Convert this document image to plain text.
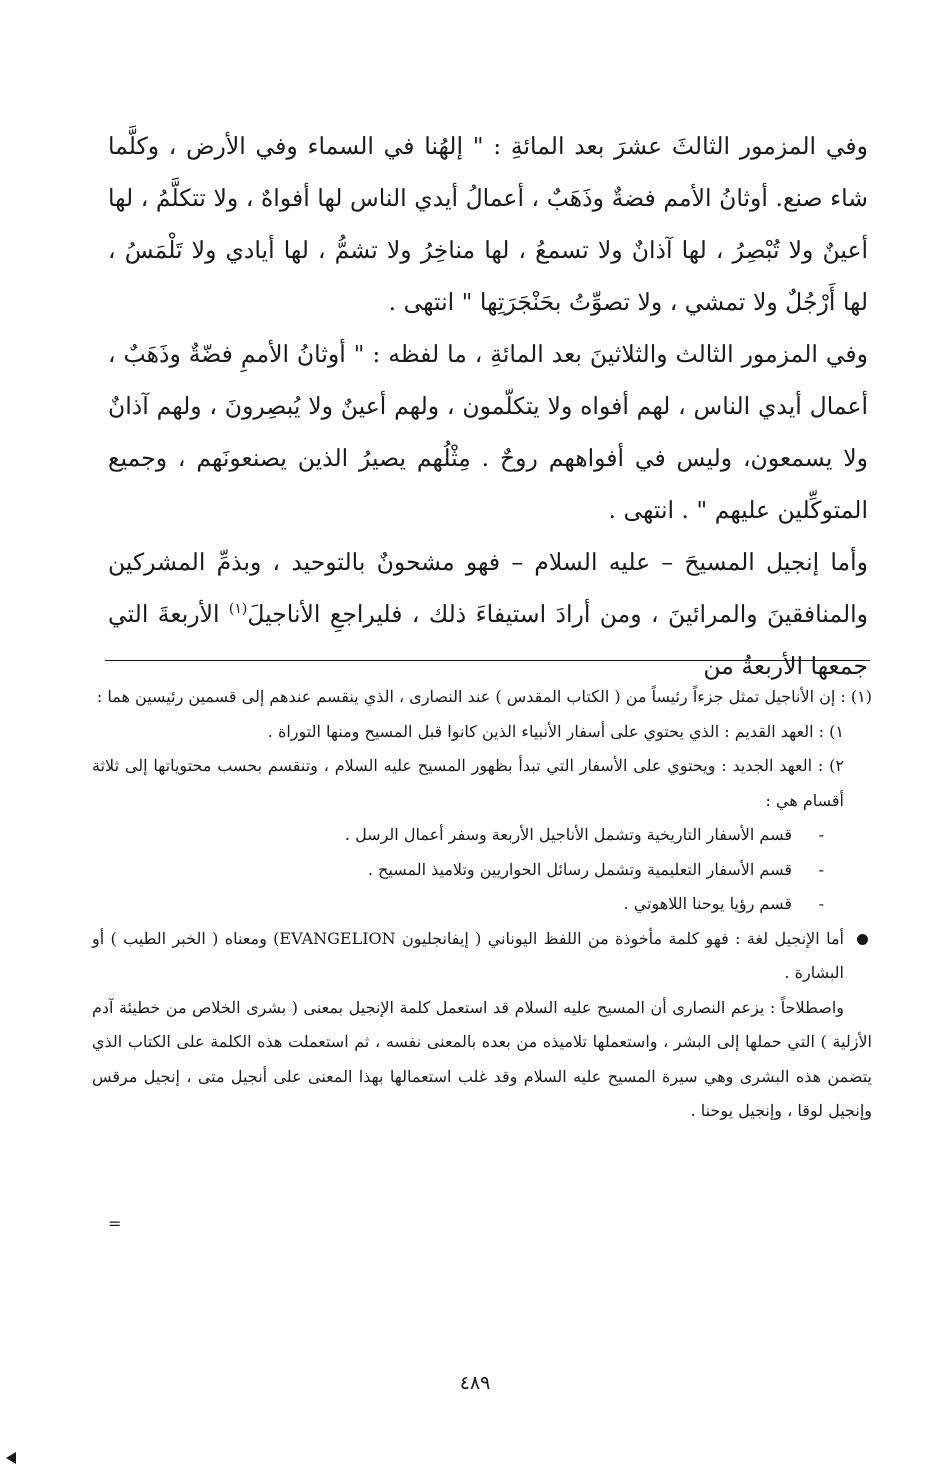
وفي المزمور الثالثَ عشرَ بعد المائةِ : " إلهُنا في السماء وفي الأرض ، وكلَّما شاء صنع. أوثانُ الأمم فضةٌ وذَهَبٌ ، أعمالُ أيدي الناس لها أفواهٌ ، ولا تتكلَّمُ ، لها أعينٌ ولا تُبْصِرُ ، لها آذانٌ ولا تسمعُ ، لها مناخِرُ ولا تشمُّ ، لها أيادي ولا تَلْمَسُ ، لها أَرْجُلٌ ولا تمشي ، ولا تصوِّتُ بحَنْجَرَتِها " انتهى .

وفي المزمور الثالث والثلاثينَ بعد المائةِ ، ما لفظه : " أوثانُ الأممِ فضّةٌ وذَهَبٌ ، أعمال أيدي الناس ، لهم أفواه ولا يتكلّمون ، ولهم أعينٌ ولا يُبصِرونَ ، ولهم آذانٌ ولا يسمعون، وليس في أفواههم روحٌ . مِثْلُهم يصيرُ الذين يصنعونَهم ، وجميع المتوكِّلين عليهم " . انتهى .

وأما إنجيل المسيحَ – عليه السلام – فهو مشحونٌ بالتوحيد ، وبذمِّ المشركين والمنافقينَ والمرائينَ ، ومن أرادَ استيفاءَ ذلك ، فليراجعِ الأناجيلَ$^{(١)}$ الأربعةَ التي جمعها الأربعةُ من

(١) : إن الأناجيل تمثل جزءاً رئيساً من ( الكتاب المقدس ) عند النصارى ، الذي ينقسم عندهم إلى قسمين رئيسين هما :

١) : العهد القديم : الذي يحتوي على أسفار الأنبياء الذين كانوا قبل المسيح ومنها التوراة .
٢) : العهد الجديد : ويحتوي على الأسفار التي تبدأ بظهور المسيح عليه السلام ، وتنقسم بحسب محتوياتها إلى ثلاثة أقسام هي :
- قسم الأسفار التاريخية وتشمل الأناجيل الأربعة وسفر أعمال الرسل .
- قسم الأسفار التعليمية وتشمل رسائل الحواريين وتلاميذ المسيح .
- قسم رؤيا يوحنا اللاهوتي .

أما الإنجيل لغة : فهو كلمة مأخوذة من اللفظ اليوناني ( إيفانجليون EVANGELION) ومعناه ( الخبر الطيب ) أو البشارة .

واصطلاحاً : يزعم النصارى أن المسيح عليه السلام قد استعمل كلمة الإنجيل بمعنى ( بشرى الخلاص من خطيئة آدم الأزلية ) التي حملها إلى البشر ، واستعملها تلاميذه من بعده بالمعنى نفسه ، ثم استعملت هذه الكلمة على الكتاب الذي يتضمن هذه البشرى وهي سيرة المسيح عليه السلام وقد غلب استعمالها بهذا المعنى على أنجيل متى ، إنجيل مرقس وإنجيل لوقا ، وإنجيل يوحنا .

=
٤٨٩
